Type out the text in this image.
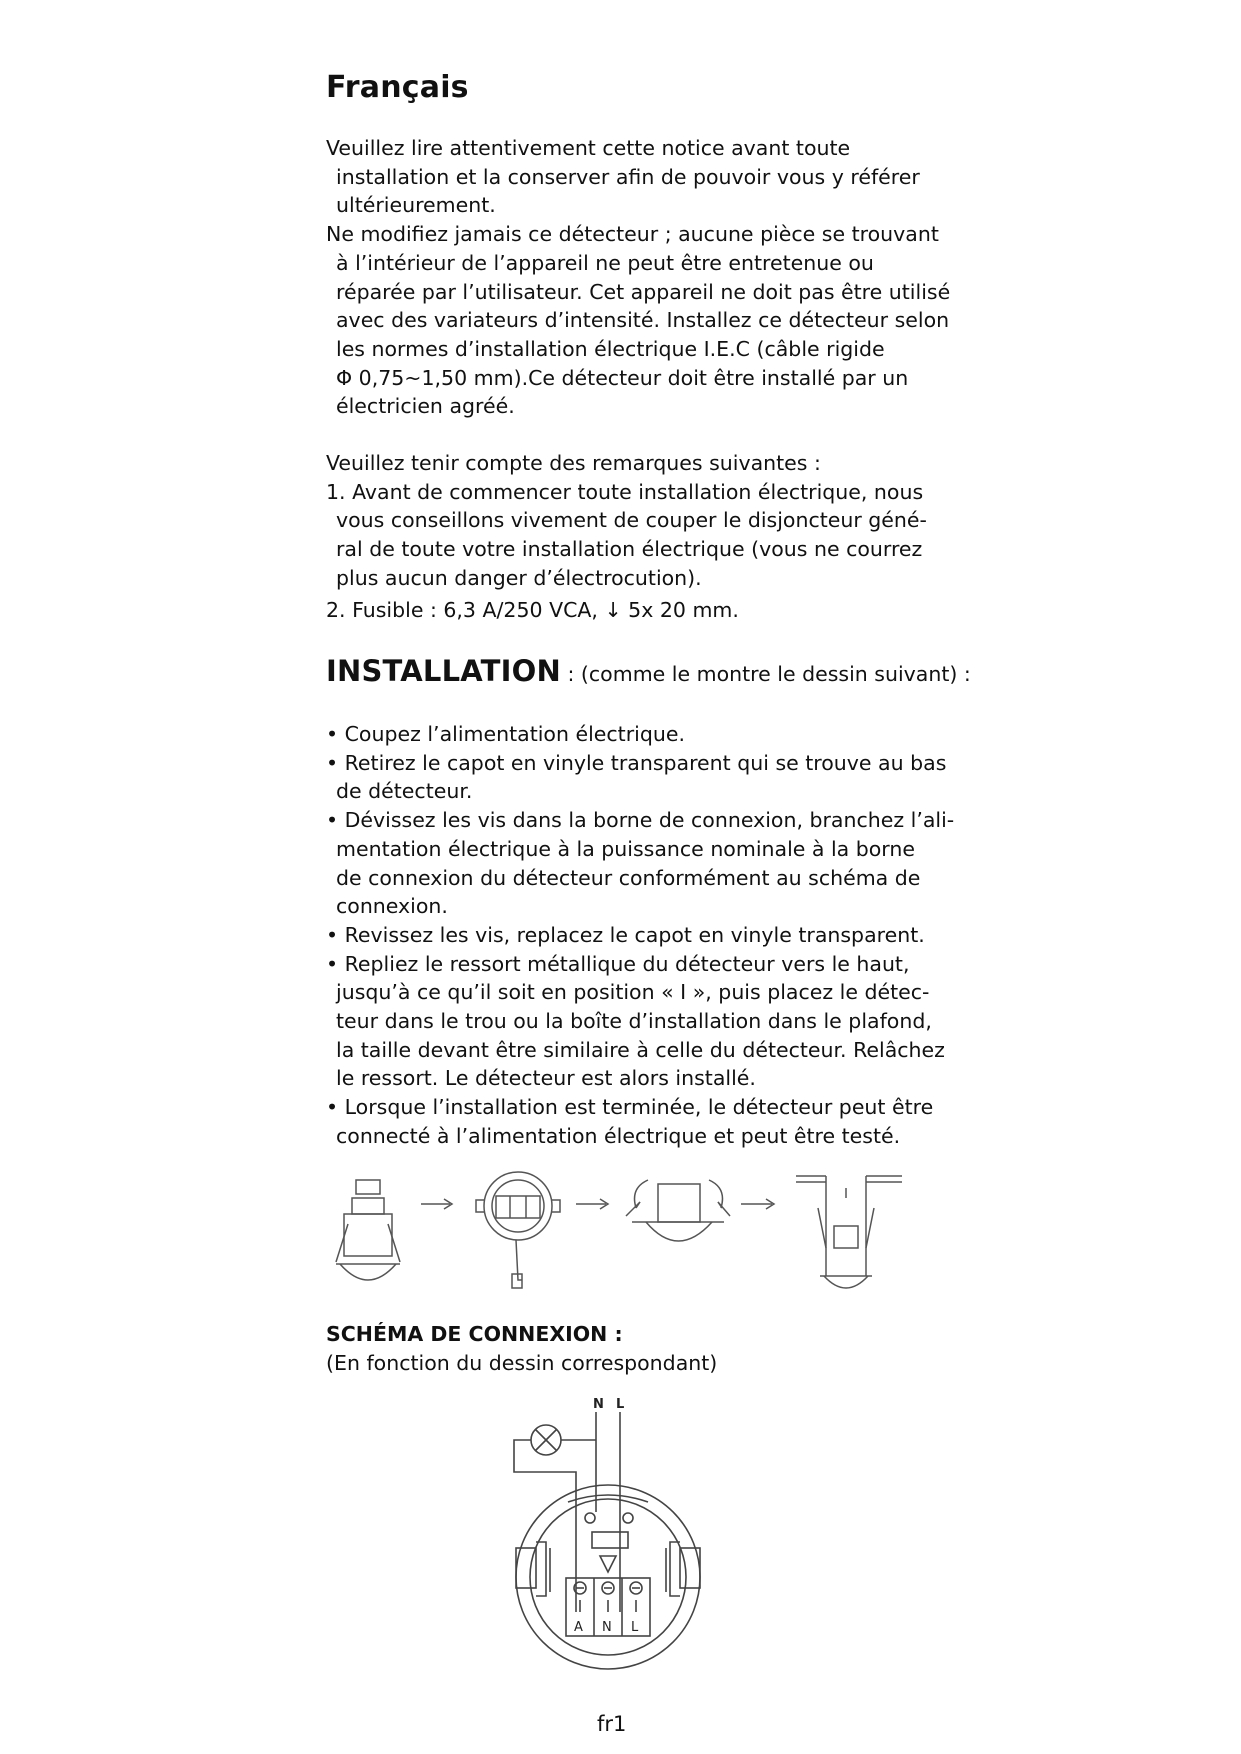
Français
Veuillez lire attentivement cette notice avant toute
installation et la conserver afin de pouvoir vous y référer
ultérieurement.
Ne modifiez jamais ce détecteur ; aucune pièce se trouvant
à l’intérieur de l’appareil ne peut être entretenue ou
réparée par l’utilisateur. Cet appareil ne doit pas être utilisé
avec des variateurs d’intensité. Installez ce détecteur selon
les normes d’installation électrique I.E.C (câble rigide
Φ 0,75~1,50 mm).Ce détecteur doit être installé par un
électricien agréé.
Veuillez tenir compte des remarques suivantes :
1. Avant de commencer toute installation électrique, nous
vous conseillons vivement de couper le disjoncteur géné-
ral de toute votre installation électrique (vous ne courrez
plus aucun danger d’électrocution).
2. Fusible : 6,3 A/250 VCA, ↓ 5x 20 mm.
INSTALLATION : (comme le montre le dessin suivant) :
• Coupez l’alimentation électrique.
• Retirez le capot en vinyle transparent qui se trouve au bas
de détecteur.
• Dévissez les vis dans la borne de connexion, branchez l’ali-
mentation électrique à la puissance nominale à la borne
de connexion du détecteur conformément au schéma de
connexion.
• Revissez les vis, replacez le capot en vinyle transparent.
• Repliez le ressort métallique du détecteur vers le haut,
jusqu’à ce qu’il soit en position « I », puis placez le détec-
teur dans le trou ou la boîte d’installation dans le plafond,
la taille devant être similaire à celle du détecteur. Relâchez
le ressort. Le détecteur est alors installé.
• Lorsque l’installation est terminée, le détecteur peut être
connecté à l’alimentation électrique et peut être testé.
SCHÉMA DE CONNEXION :
(En fonction du dessin correspondant)
N L
A N L
fr1
